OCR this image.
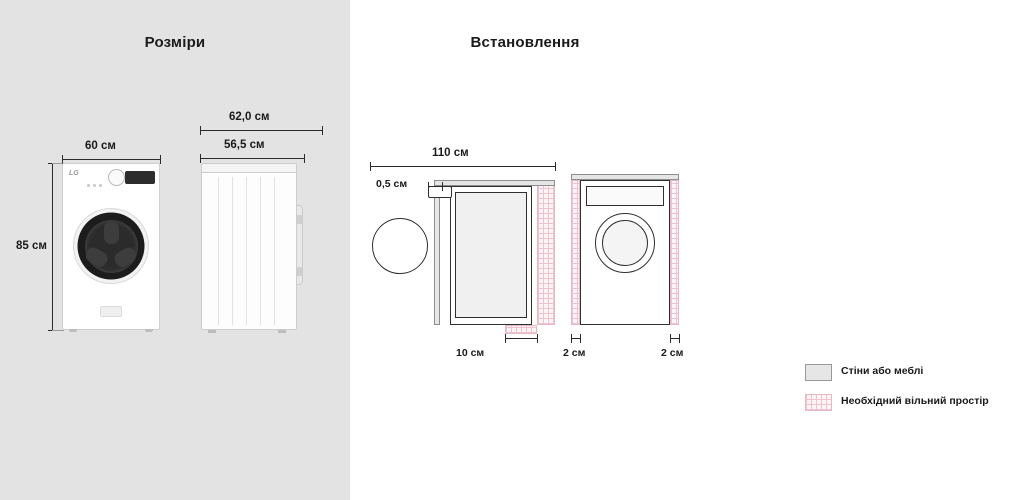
Розміри
85 см
60 см
LG
62,0 см
56,5 см
Встановлення
110 см
0,5 см
10 см	2 см	2 см
Стіни або меблі
Необхідний вільний простір
